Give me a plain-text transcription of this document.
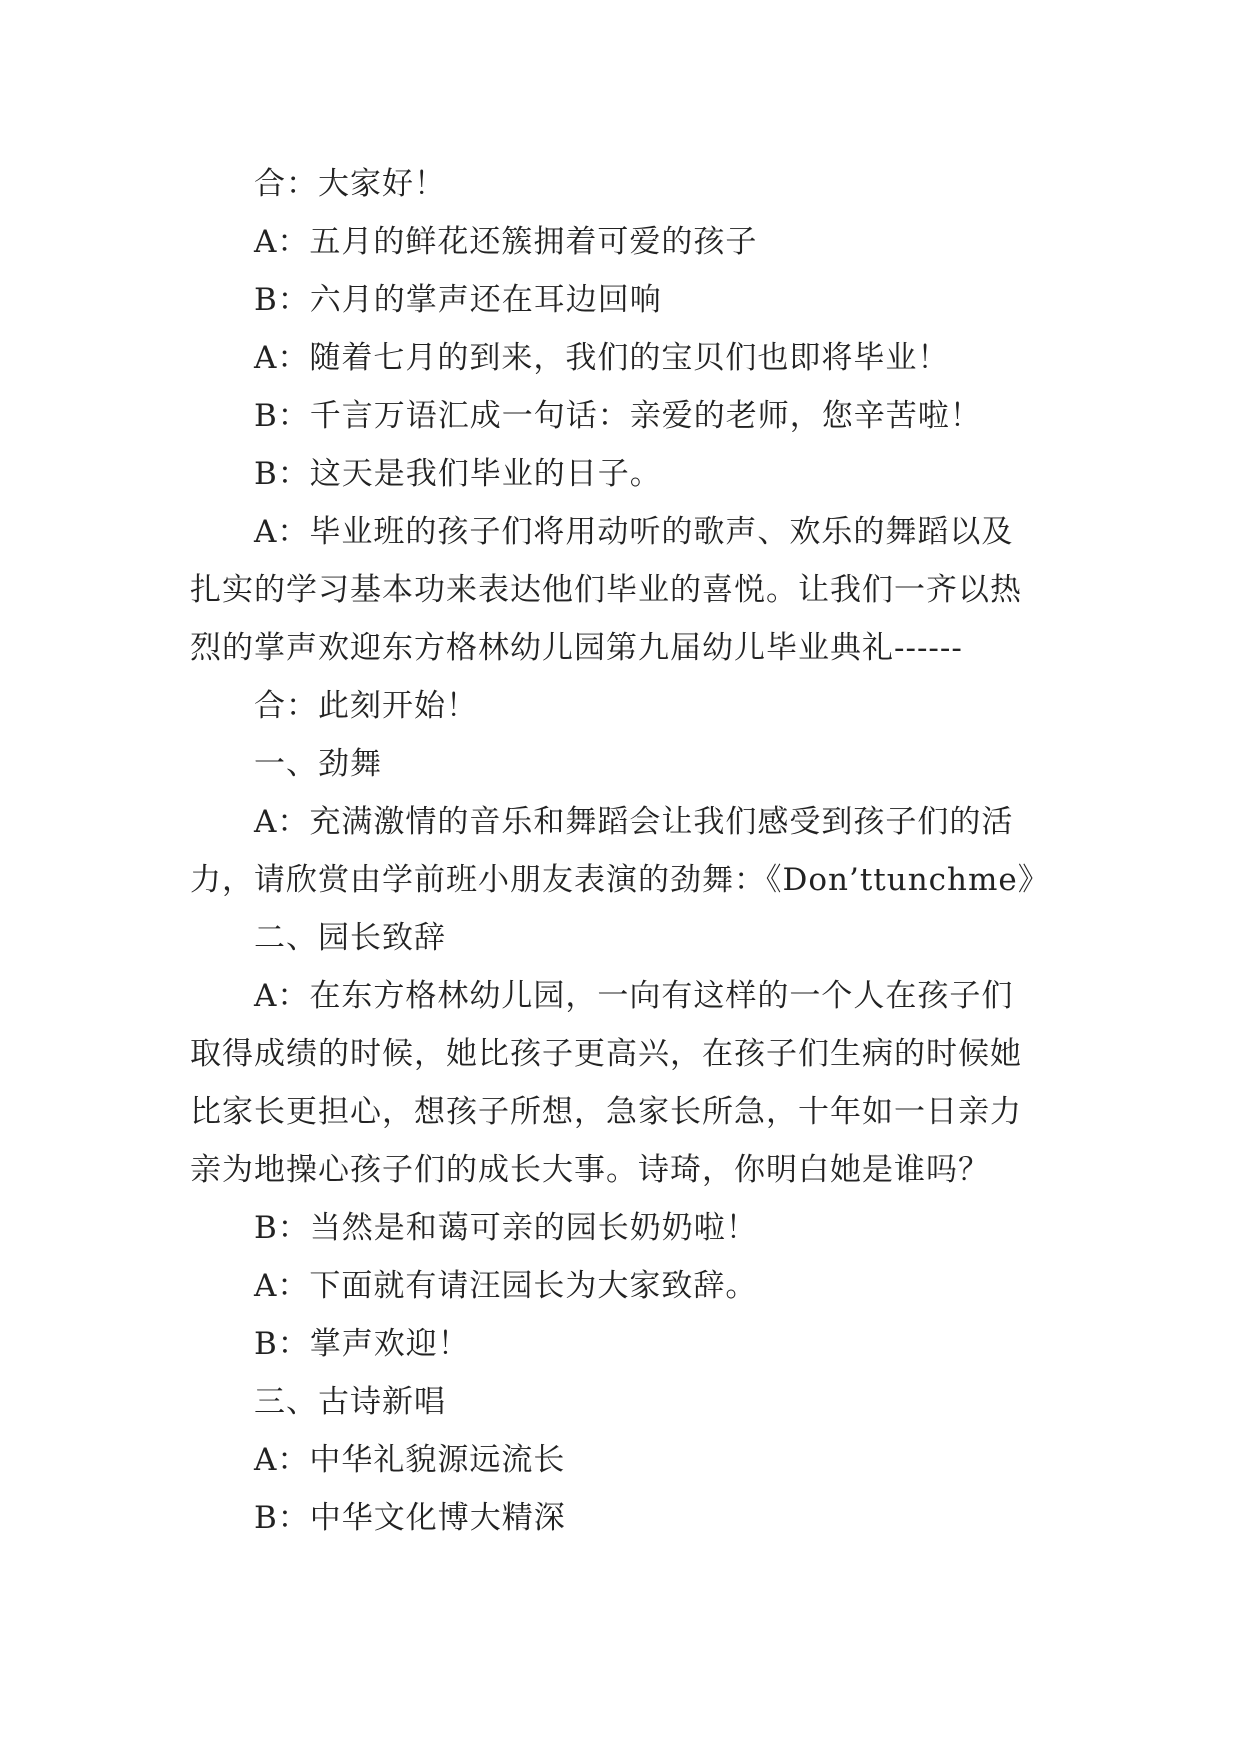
合：大家好！
A：五月的鲜花还簇拥着可爱的孩子
B：六月的掌声还在耳边回响
A：随着七月的到来，我们的宝贝们也即将毕业！
B：千言万语汇成一句话：亲爱的老师，您辛苦啦！
B：这天是我们毕业的日子。
A：毕业班的孩子们将用动听的歌声、欢乐的舞蹈以及
扎实的学习基本功来表达他们毕业的喜悦。让我们一齐以热
烈的掌声欢迎东方格林幼儿园第九届幼儿毕业典礼------
合：此刻开始！
一、劲舞
A：充满激情的音乐和舞蹈会让我们感受到孩子们的活
力，请欣赏由学前班小朋友表演的劲舞：《Don’ttunchme》
二、园长致辞
A：在东方格林幼儿园，一向有这样的一个人在孩子们
取得成绩的时候，她比孩子更高兴，在孩子们生病的时候她
比家长更担心，想孩子所想，急家长所急，十年如一日亲力
亲为地操心孩子们的成长大事。诗琦，你明白她是谁吗？
B：当然是和蔼可亲的园长奶奶啦！
A：下面就有请汪园长为大家致辞。
B：掌声欢迎！
三、古诗新唱
A：中华礼貌源远流长
B：中华文化博大精深
